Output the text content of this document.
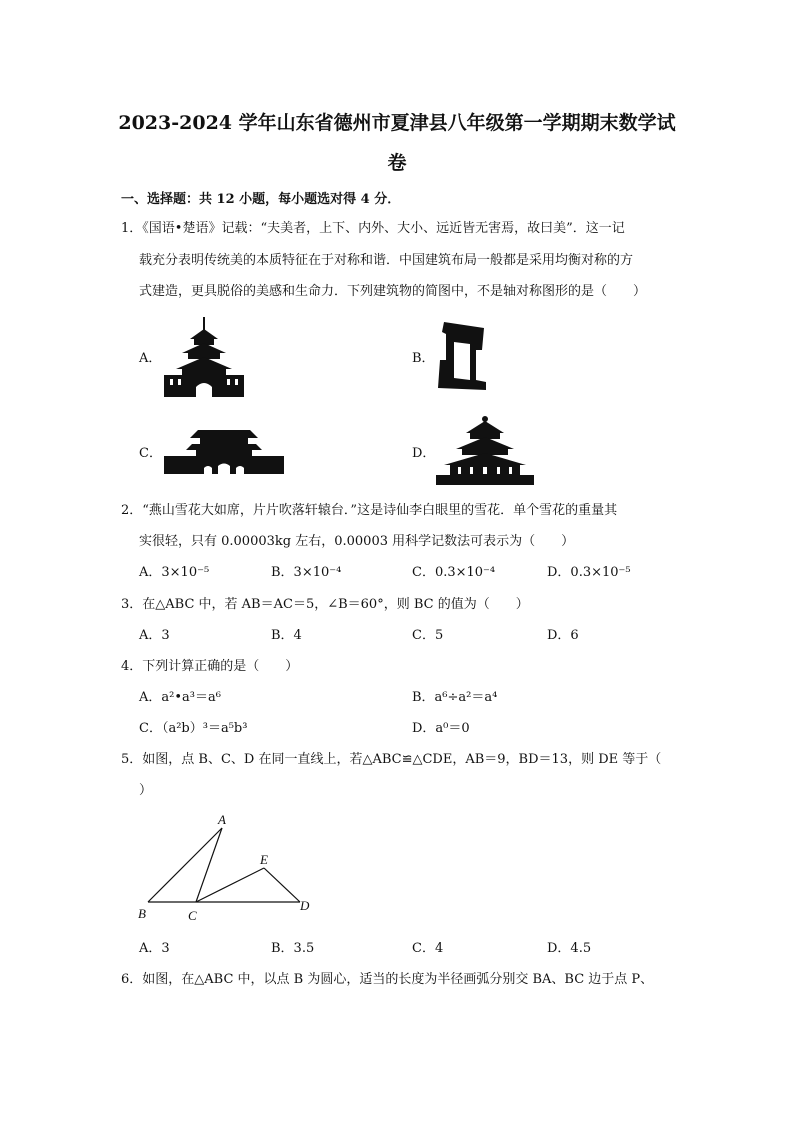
2023-2024 学年山东省德州市夏津县八年级第一学期期末数学试
卷
一、选择题：共 12 小题，每小题选对得 4 分．
1．《国语•楚语》记载：“夫美者，上下、内外、大小、远近皆无害焉，故曰美”．这一记
载充分表明传统美的本质特征在于对称和谐．中国建筑布局一般都是采用均衡对称的方
式建造，更具脱俗的美感和生命力．下列建筑物的简图中，不是轴对称图形的是（　　）
A．	B．
C．	D．
2．“燕山雪花大如席，片片吹落轩辕台．”这是诗仙李白眼里的雪花．单个雪花的重量其
实很轻，只有 0.00003kg 左右，0.00003 用科学记数法可表示为（　　）
A．3×10⁻⁵	B．3×10⁻⁴	C．0.3×10⁻⁴	D．0.3×10⁻⁵
3．在△ABC 中，若 AB＝AC＝5，∠B＝60°，则 BC 的值为（　　）
A．3	B．4	C．5	D．6
4．下列计算正确的是（　　）
A．a²•a³＝a⁶	B．a⁶÷a²＝a⁴
C．（a²b）³＝a⁵b³	D．a⁰＝0
5．如图，点 B、C、D 在同一直线上，若△ABC≌△CDE，AB＝9，BD＝13，则 DE 等于（
）
A
B	C
D
E
A．3	B．3.5	C．4	D．4.5
6．如图，在△ABC 中，以点 B 为圆心，适当的长度为半径画弧分别交 BA、BC 边于点 P、
